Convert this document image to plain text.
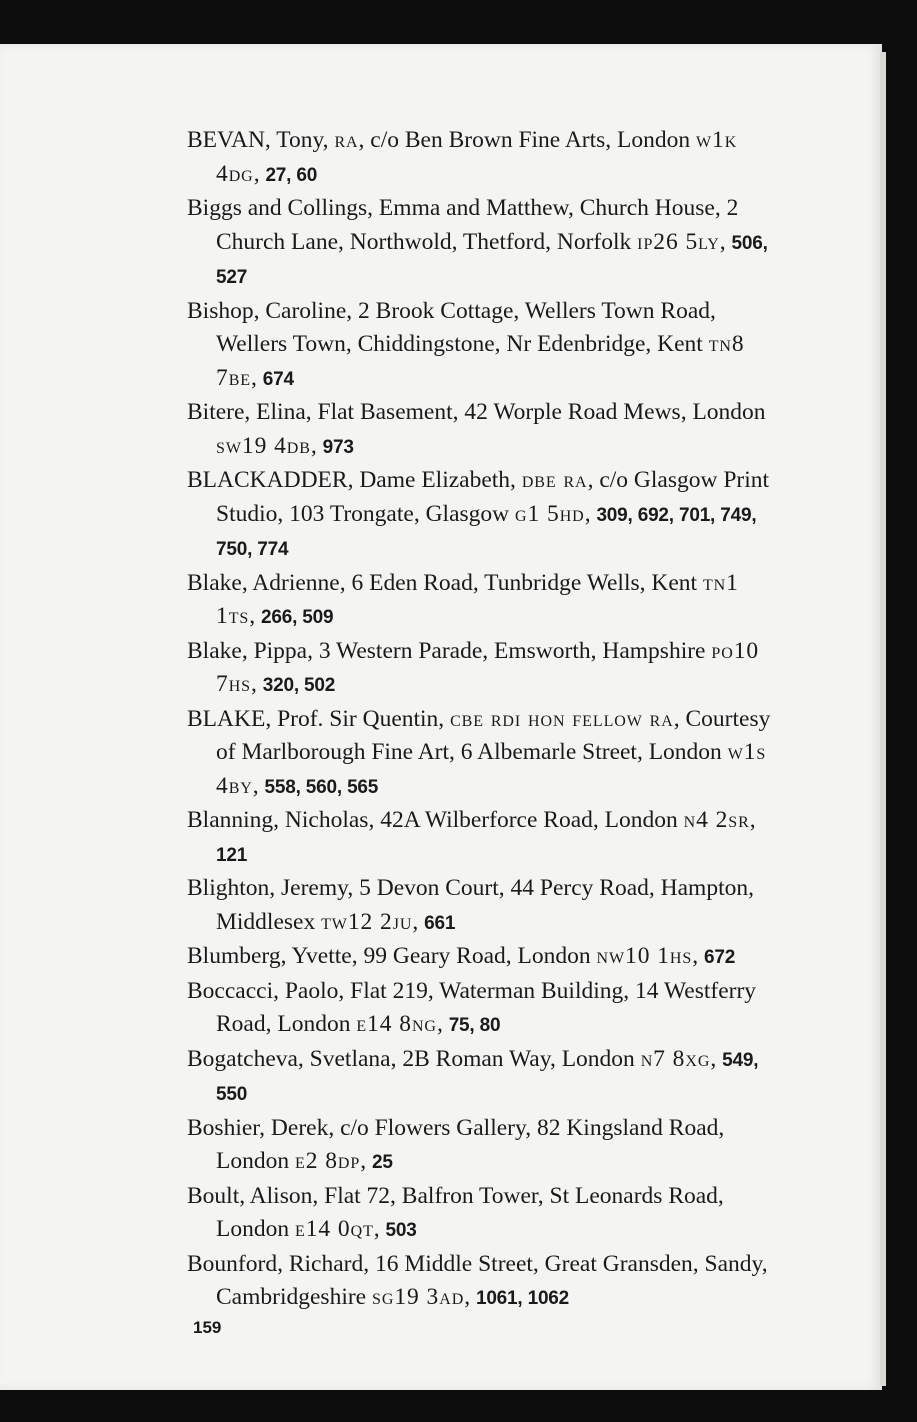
BEVAN, Tony, ra, c/o Ben Brown Fine Arts, London w1k 4dg, 27, 60

Biggs and Collings, Emma and Matthew, Church House, 2 Church Lane, Northwold, Thetford, Norfolk ip26 5ly, 506, 527

Bishop, Caroline, 2 Brook Cottage, Wellers Town Road, Wellers Town, Chiddingstone, Nr Edenbridge, Kent tn8 7be, 674

Bitere, Elina, Flat Basement, 42 Worple Road Mews, London sw19 4db, 973

BLACKADDER, Dame Elizabeth, dbe ra, c/o Glasgow Print Studio, 103 Trongate, Glasgow g1 5hd, 309, 692, 701, 749, 750, 774

Blake, Adrienne, 6 Eden Road, Tunbridge Wells, Kent tn1 1ts, 266, 509

Blake, Pippa, 3 Western Parade, Emsworth, Hampshire po10 7hs, 320, 502

BLAKE, Prof. Sir Quentin, cbe rdi hon fellow ra, Courtesy of Marlborough Fine Art, 6 Albemarle Street, London w1s 4by, 558, 560, 565

Blanning, Nicholas, 42A Wilberforce Road, London n4 2sr, 121

Blighton, Jeremy, 5 Devon Court, 44 Percy Road, Hampton, Middlesex tw12 2ju, 661

Blumberg, Yvette, 99 Geary Road, London nw10 1hs, 672

Boccacci, Paolo, Flat 219, Waterman Building, 14 Westferry Road, London e14 8ng, 75, 80

Bogatcheva, Svetlana, 2B Roman Way, London n7 8xg, 549, 550

Boshier, Derek, c/o Flowers Gallery, 82 Kingsland Road, London e2 8dp, 25

Boult, Alison, Flat 72, Balfron Tower, St Leonards Road, London e14 0qt, 503

Bounford, Richard, 16 Middle Street, Great Gransden, Sandy, Cambridgeshire sg19 3ad, 1061, 1062

159
